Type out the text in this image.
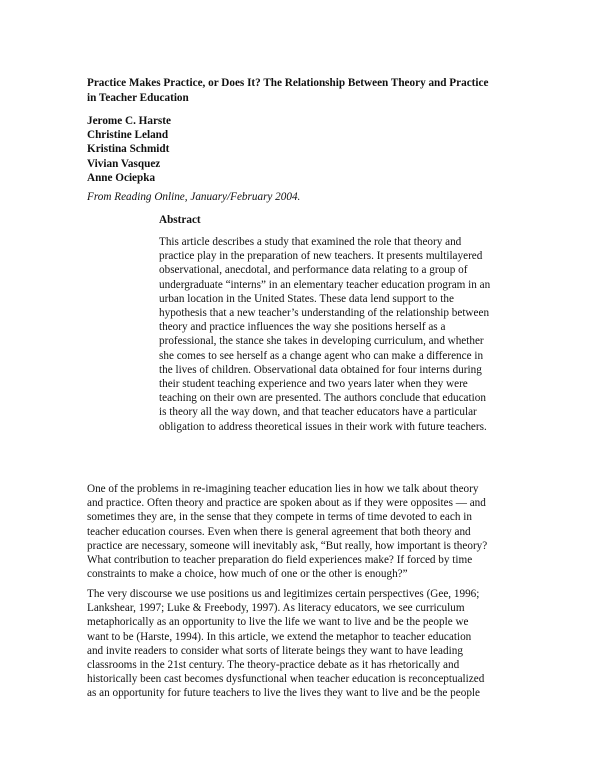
Practice Makes Practice, or Does It? The Relationship Between Theory and Practice
in Teacher Education
Jerome C. Harste
Christine Leland
Kristina Schmidt
Vivian Vasquez
Anne Ociepka
From Reading Online, January/February 2004.
Abstract
This article describes a study that examined the role that theory and
practice play in the preparation of new teachers. It presents multilayered
observational, anecdotal, and performance data relating to a group of
undergraduate “interns” in an elementary teacher education program in an
urban location in the United States. These data lend support to the
hypothesis that a new teacher’s understanding of the relationship between
theory and practice influences the way she positions herself as a
professional, the stance she takes in developing curriculum, and whether
she comes to see herself as a change agent who can make a difference in
the lives of children. Observational data obtained for four interns during
their student teaching experience and two years later when they were
teaching on their own are presented. The authors conclude that education
is theory all the way down, and that teacher educators have a particular
obligation to address theoretical issues in their work with future teachers.
One of the problems in re-imagining teacher education lies in how we talk about theory
and practice. Often theory and practice are spoken about as if they were opposites — and
sometimes they are, in the sense that they compete in terms of time devoted to each in
teacher education courses. Even when there is general agreement that both theory and
practice are necessary, someone will inevitably ask, “But really, how important is theory?
What contribution to teacher preparation do field experiences make? If forced by time
constraints to make a choice, how much of one or the other is enough?”
The very discourse we use positions us and legitimizes certain perspectives (Gee, 1996;
Lankshear, 1997; Luke & Freebody, 1997). As literacy educators, we see curriculum
metaphorically as an opportunity to live the life we want to live and be the people we
want to be (Harste, 1994). In this article, we extend the metaphor to teacher education
and invite readers to consider what sorts of literate beings they want to have leading
classrooms in the 21st century. The theory-practice debate as it has rhetorically and
historically been cast becomes dysfunctional when teacher education is reconceptualized
as an opportunity for future teachers to live the lives they want to live and be the people
